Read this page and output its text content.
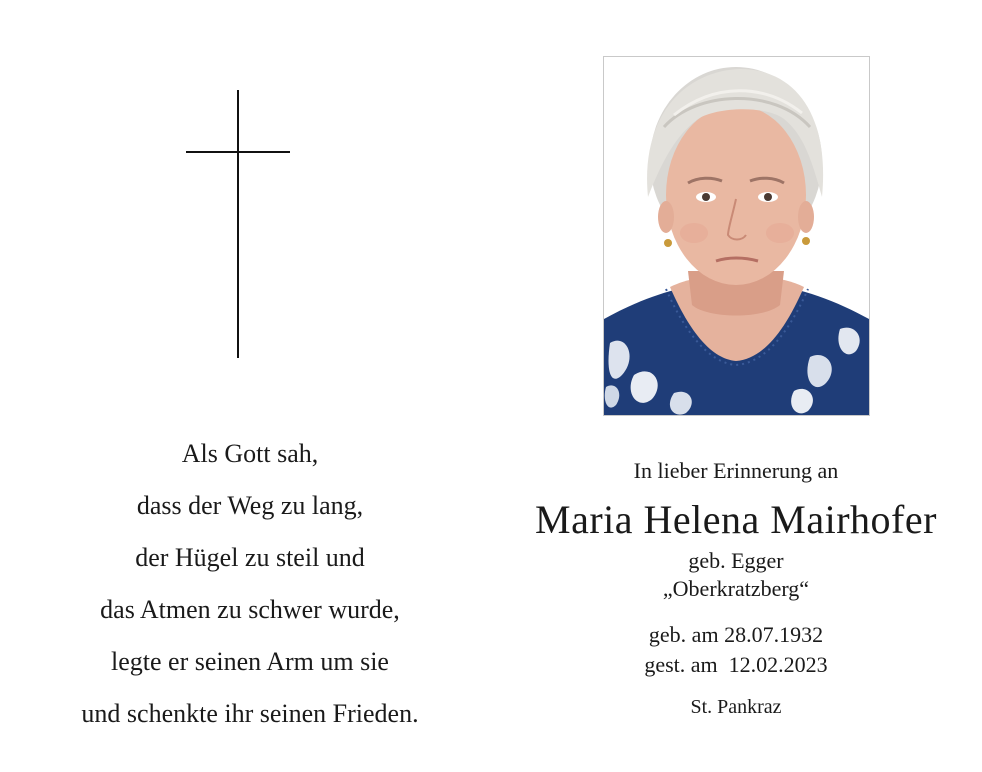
Als Gott sah,
dass der Weg zu lang,
der Hügel zu steil und
das Atmen zu schwer wurde,
legte er seinen Arm um sie
und schenkte ihr seinen Frieden.
In lieber Erinnerung an
Maria Helena Mairhofer
geb. Egger
„Oberkratzberg“
geb. am 28.07.1932
gest. am  12.02.2023
St. Pankraz
